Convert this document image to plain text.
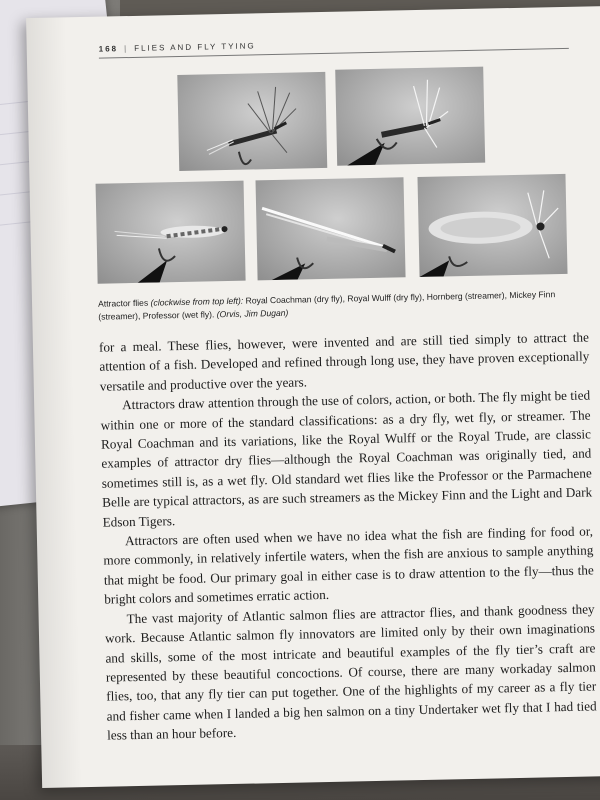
168 | FLIES AND FLY TYING
Attractor flies (clockwise from top left): Royal Coachman (dry fly), Royal Wulff (dry fly), Hornberg (streamer), Mickey Finn (streamer), Professor (wet fly). (Orvis, Jim Dugan)

for a meal. These flies, however, were invented and are still tied simply to attract the attention of a fish. Developed and refined through long use, they have proven exceptionally versatile and productive over the years.

Attractors draw attention through the use of colors, action, or both. The fly might be tied within one or more of the standard classifications: as a dry fly, wet fly, or streamer. The Royal Coachman and its variations, like the Royal Wulff or the Royal Trude, are classic examples of attractor dry flies—although the Royal Coachman was originally tied, and sometimes still is, as a wet fly. Old standard wet flies like the Professor or the Parmachene Belle are typical attractors, as are such streamers as the Mickey Finn and the Light and Dark Edson Tigers.

Attractors are often used when we have no idea what the fish are finding for food or, more commonly, in relatively infertile waters, when the fish are anxious to sample anything that might be food. Our primary goal in either case is to draw attention to the fly—thus the bright colors and sometimes erratic action.

The vast majority of Atlantic salmon flies are attractor flies, and thank goodness they work. Because Atlantic salmon fly innovators are limited only by their own imaginations and skills, some of the most intricate and beautiful examples of the fly tier’s craft are represented by these beautiful concoctions. Of course, there are many workaday salmon flies, too, that any fly tier can put together. One of the highlights of my career as a fly tier and fisher came when I landed a big hen salmon on a tiny Undertaker wet fly that I had tied less than an hour before.
